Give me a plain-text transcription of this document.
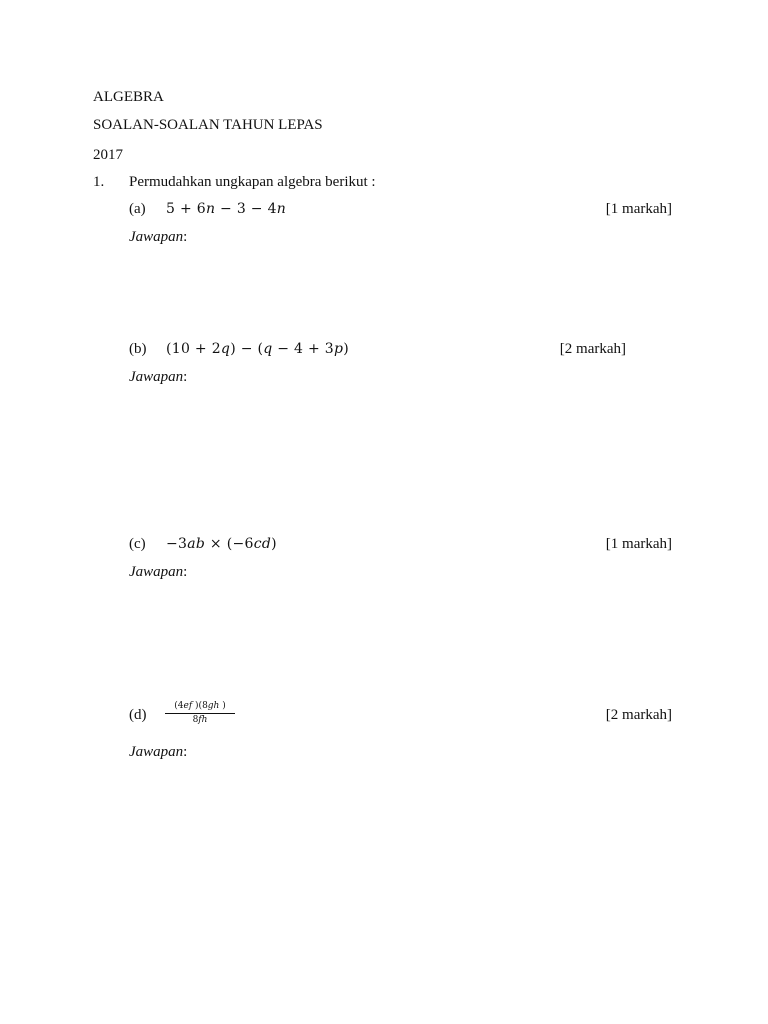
ALGEBRA
SOALAN-SOALAN TAHUN LEPAS
2017
1. Permudahkan ungkapan algebra berikut :
(a) 5 + 6n − 3 − 4n	[1 markah]
Jawapan:
(b) (10 + 2q) − (q − 4 + 3p)	[2 markah]
Jawapan:
(c) −3ab × (−6cd)	[1 markah]
Jawapan:
$(d) \frac{(4ef )(8gh )}{8fh}$	[2 markah]
Jawapan:
